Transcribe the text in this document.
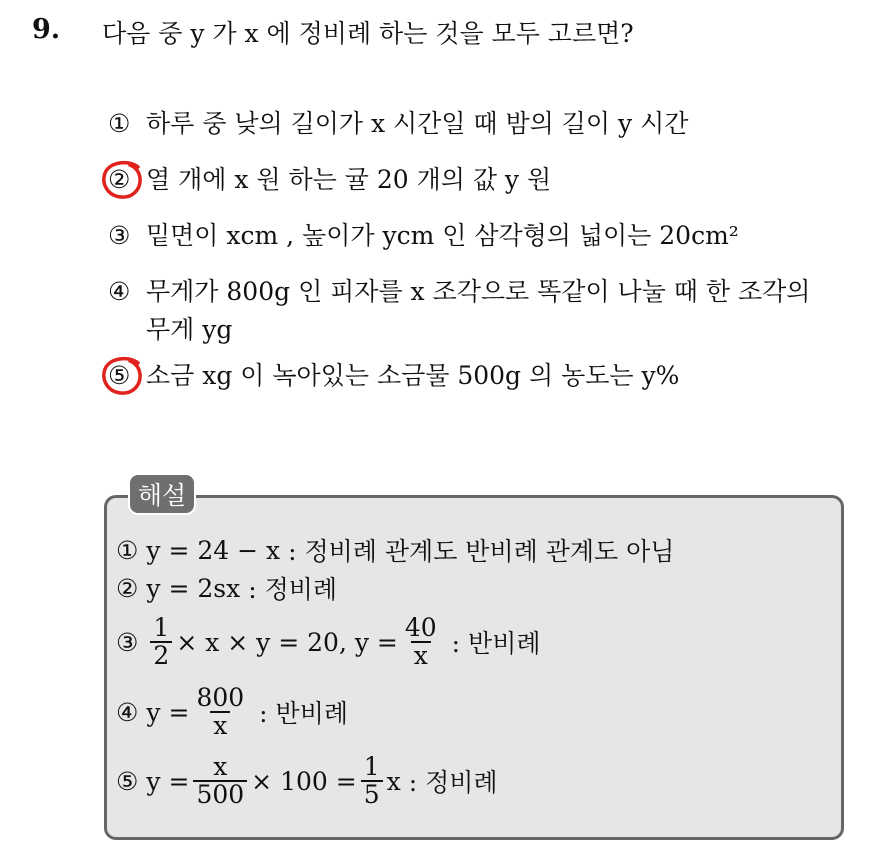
9. 다음 중 y 가 x 에 정비례 하는 것을 모두 고르면?
① 하루 중 낮의 길이가 x 시간일 때 밤의 길이 y 시간
② 열 개에 x 원 하는 귤 20 개의 값 y 원
③ 밑면이 xcm , 높이가 ycm 인 삼각형의 넓이는 20cm²
④ 무게가 800g 인 피자를 x 조각으로 똑같이 나눌 때 한 조각의
무게 yg
⑤ 소금 xg 이 녹아있는 소금물 500g 의 농도는 y%
해설
① y = 24 − x : 정비례 관계도 반비례 관계도 아님
② y = 2sx : 정비례
③ $\frac{1}{2} \times x \times y = 20$, $y = \frac{40}{x}$ : 반비례
④ $y = \frac{800}{x}$ : 반비례
⑤ $y = \frac{x}{500} \times 100 = \frac{1}{5}$ x : 정비례
